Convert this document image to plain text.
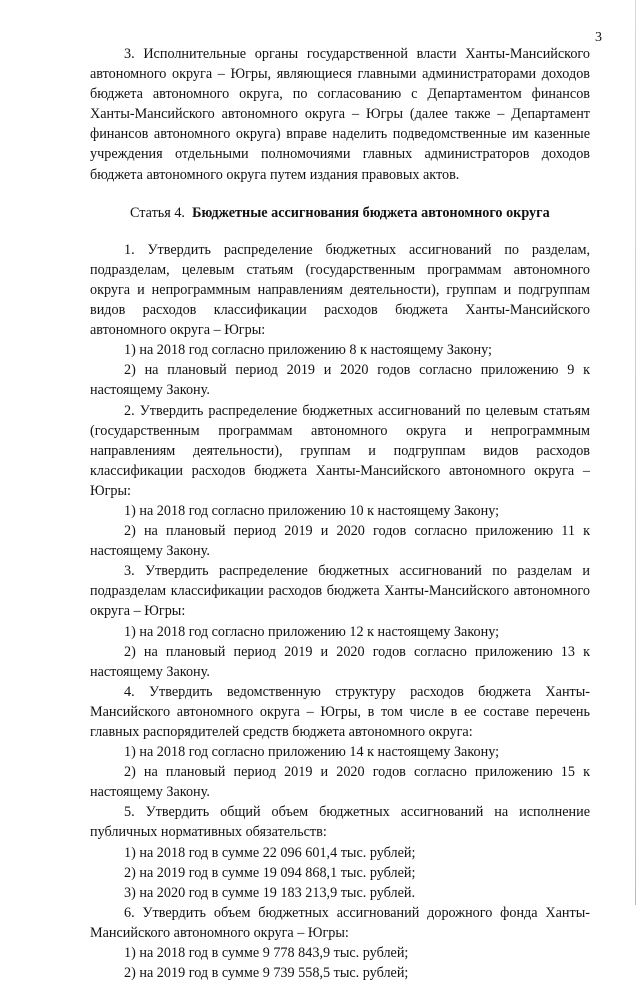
3

3. Исполнительные органы государственной власти Ханты-Мансийского автономного округа – Югры, являющиеся главными администраторами доходов бюджета автономного округа, по согласованию с Департаментом финансов Ханты-Мансийского автономного округа – Югры (далее также – Департамент финансов автономного округа) вправе наделить подведомственные им казенные учреждения отдельными полномочиями главных администраторов доходов бюджета автономного округа путем издания правовых актов.

Статья 4. Бюджетные ассигнования бюджета автономного округа

1. Утвердить распределение бюджетных ассигнований по разделам, подразделам, целевым статьям (государственным программам автономного округа и непрограммным направлениям деятельности), группам и подгруппам видов расходов классификации расходов бюджета Ханты-Мансийского автономного округа – Югры:

1) на 2018 год согласно приложению 8 к настоящему Закону;

2) на плановый период 2019 и 2020 годов согласно приложению 9 к настоящему Закону.

2. Утвердить распределение бюджетных ассигнований по целевым статьям (государственным программам автономного округа и непрограммным направлениям деятельности), группам и подгруппам видов расходов классификации расходов бюджета Ханты-Мансийского автономного округа – Югры:

1) на 2018 год согласно приложению 10 к настоящему Закону;

2) на плановый период 2019 и 2020 годов согласно приложению 11 к настоящему Закону.

3. Утвердить распределение бюджетных ассигнований по разделам и подразделам классификации расходов бюджета Ханты-Мансийского автономного округа – Югры:

1) на 2018 год согласно приложению 12 к настоящему Закону;

2) на плановый период 2019 и 2020 годов согласно приложению 13 к настоящему Закону.

4. Утвердить ведомственную структуру расходов бюджета Ханты-Мансийского автономного округа – Югры, в том числе в ее составе перечень главных распорядителей средств бюджета автономного округа:

1) на 2018 год согласно приложению 14 к настоящему Закону;

2) на плановый период 2019 и 2020 годов согласно приложению 15 к настоящему Закону.

5. Утвердить общий объем бюджетных ассигнований на исполнение публичных нормативных обязательств:

1) на 2018 год в сумме 22 096 601,4 тыс. рублей;

2) на 2019 год в сумме 19 094 868,1 тыс. рублей;

3) на 2020 год в сумме 19 183 213,9 тыс. рублей.

6. Утвердить объем бюджетных ассигнований дорожного фонда Ханты-Мансийского автономного округа – Югры:

1) на 2018 год в сумме 9 778 843,9 тыс. рублей;

2) на 2019 год в сумме 9 739 558,5 тыс. рублей;
